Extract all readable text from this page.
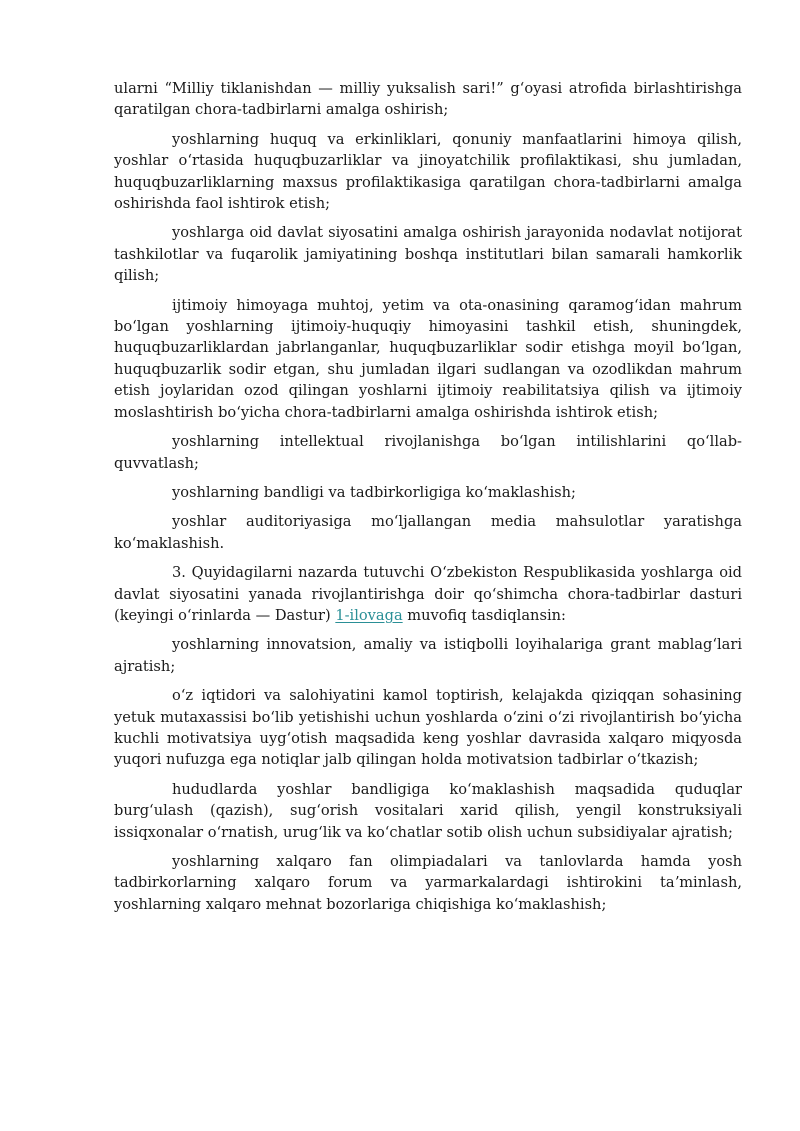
ularni “Milliy tiklanishdan — milliy yuksalish sari!” gʻoyasi atrofida birlashtirishga qaratilgan chora-tadbirlarni amalga oshirish;

yoshlarning huquq va erkinliklari, qonuniy manfaatlarini himoya qilish, yoshlar oʻrtasida huquqbuzarliklar va jinoyatchilik profilaktikasi, shu jumladan, huquqbuzarliklarning maxsus profilaktikasiga qaratilgan chora-tadbirlarni amalga oshirishda faol ishtirok etish;

yoshlarga oid davlat siyosatini amalga oshirish jarayonida nodavlat notijorat tashkilotlar va fuqarolik jamiyatining boshqa institutlari bilan samarali hamkorlik qilish;

ijtimoiy himoyaga muhtoj, yetim va ota-onasining qaramogʻidan mahrum boʻlgan yoshlarning ijtimoiy-huquqiy himoyasini tashkil etish, shuningdek, huquqbuzarliklardan jabrlanganlar, huquqbuzarliklar sodir etishga moyil boʻlgan, huquqbuzarlik sodir etgan, shu jumladan ilgari sudlangan va ozodlikdan mahrum etish joylaridan ozod qilingan yoshlarni ijtimoiy reabilitatsiya qilish va ijtimoiy moslashtirish boʻyicha chora-tadbirlarni amalga oshirishda ishtirok etish;

yoshlarning intellektual rivojlanishga boʻlgan intilishlarini qoʻllab-quvvatlash;

yoshlarning bandligi va tadbirkorligiga koʻmaklashish;

yoshlar auditoriyasiga moʻljallangan media mahsulotlar yaratishga koʻmaklashish.

3. Quyidagilarni nazarda tutuvchi Oʻzbekiston Respublikasida yoshlarga oid davlat siyosatini yanada rivojlantirishga doir qoʻshimcha chora-tadbirlar dasturi (keyingi oʻrinlarda — Dastur) 1-ilovaga muvofiq tasdiqlansin:

yoshlarning innovatsion, amaliy va istiqbolli loyihalariga grant mablagʻlari ajratish;

oʻz iqtidori va salohiyatini kamol toptirish, kelajakda qiziqqan sohasining yetuk mutaxassisi boʻlib yetishishi uchun yoshlarda oʻzini oʻzi rivojlantirish boʻyicha kuchli motivatsiya uygʻotish maqsadida keng yoshlar davrasida xalqaro miqyosda yuqori nufuzga ega notiqlar jalb qilingan holda motivatsion tadbirlar oʻtkazish;

hududlarda yoshlar bandligiga koʻmaklashish maqsadida quduqlar burgʻulash (qazish), sugʻorish vositalari xarid qilish, yengil konstruksiyali issiqxonalar oʻrnatish, urugʻlik va koʻchatlar sotib olish uchun subsidiyalar ajratish;

yoshlarning xalqaro fan olimpiadalari va tanlovlarda hamda yosh tadbirkorlarning xalqaro forum va yarmarkalardagi ishtirokini taʼminlash, yoshlarning xalqaro mehnat bozorlariga chiqishiga koʻmaklashish;
